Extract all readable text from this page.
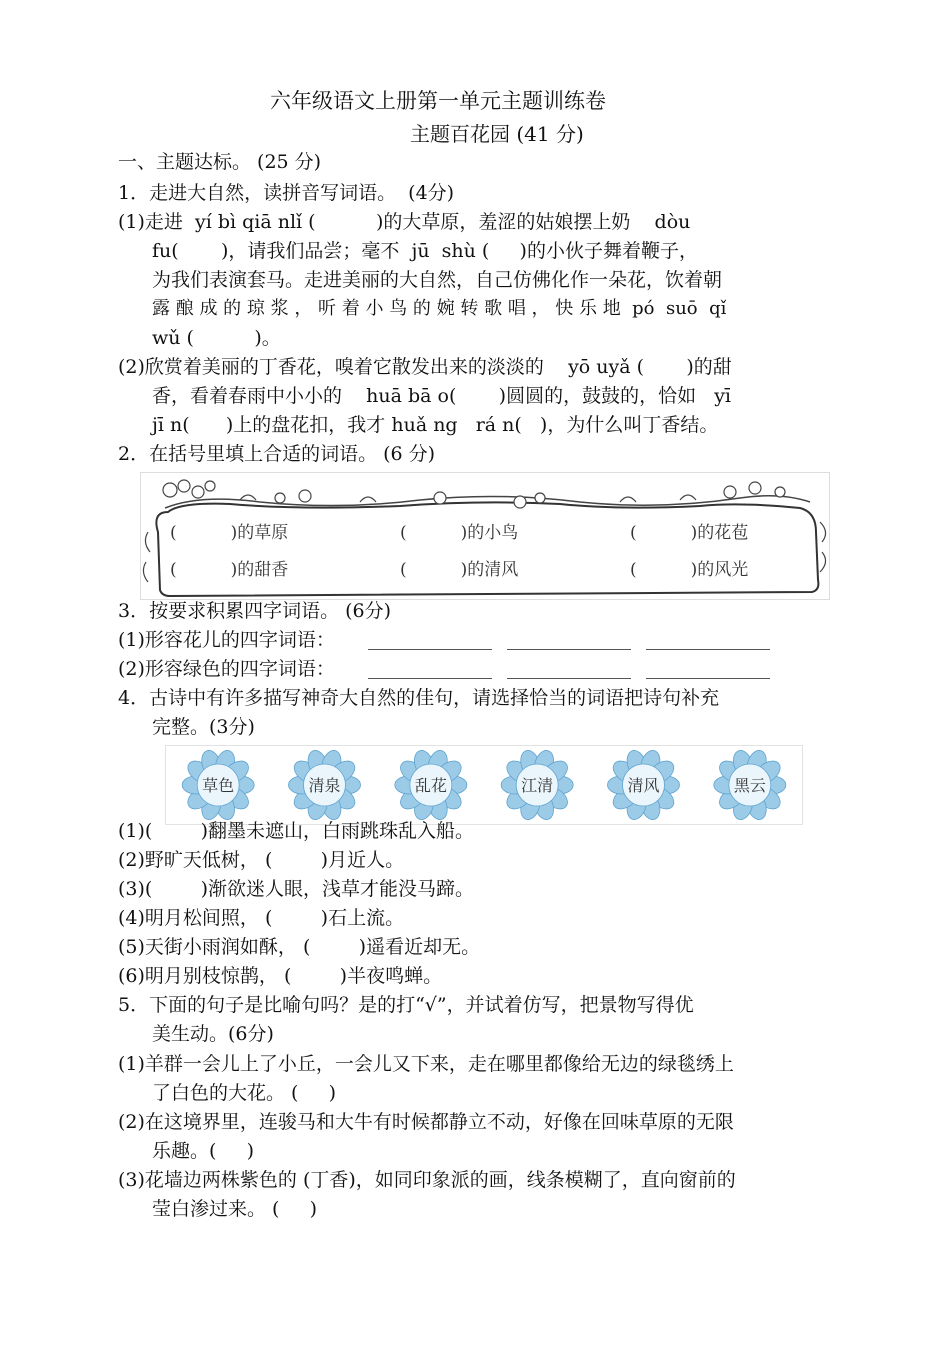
六年级语文上册第一单元主题训练卷
主题百花园 (41 分)
一、主题达标。 (25 分)
1．走进大自然，读拼音写词语。  (4分)
(1)走进  yí bì qiā nlǐ (          )的大草原，羞涩的姑娘摆上奶    dòu
fu(       )，请我们品尝；毫不  jū  shù (     )的小伙子舞着鞭子，
为我们表演套马。走进美丽的大自然，自己仿佛化作一朵花，饮着朝
露 酿 成 的 琼 浆 ， 听 着 小 鸟 的 婉 转 歌 唱 ， 快 乐 地  pó  suō  qǐ
wǔ (          )。
(2)欣赏着美丽的丁香花，嗅着它散发出来的淡淡的    yō uyǎ (       )的甜
香，看着春雨中小小的    huā bā o(       )圆圆的，鼓鼓的，恰如   yī
jī n(      )上的盘花扣，我才 huǎ ng   rá n(   )，为什么叫丁香结。
2．在括号里填上合适的词语。 (6 分)
(          )的草原	(          )的小鸟	(          )的花苞
(          )的甜香	(          )的清风	(          )的风光
3．按要求积累四字词语。 (6分)
(1)形容花儿的四字词语：
(2)形容绿色的四字词语：
4．古诗中有许多描写神奇大自然的佳句，请选择恰当的词语把诗句补充
完整。(3分)
草色	清泉	乱花	江清	清风	黑云
(1)(        )翻墨未遮山，白雨跳珠乱入船。
(2)野旷天低树， (        )月近人。
(3)(        )渐欲迷人眼，浅草才能没马蹄。
(4)明月松间照， (        )石上流。
(5)天街小雨润如酥， (        )遥看近却无。
(6)明月别枝惊鹊， (        )半夜鸣蝉。
5．下面的句子是比喻句吗？是的打“√”，并试着仿写，把景物写得优
美生动。(6分)
(1)羊群一会儿上了小丘，一会儿又下来，走在哪里都像给无边的绿毯绣上
了白色的大花。 (     )
(2)在这境界里，连骏马和大牛有时候都静立不动，好像在回味草原的无限
乐趣。(     )
(3)花墙边两株紫色的 (丁香)，如同印象派的画，线条模糊了，直向窗前的
莹白渗过来。 (     )
